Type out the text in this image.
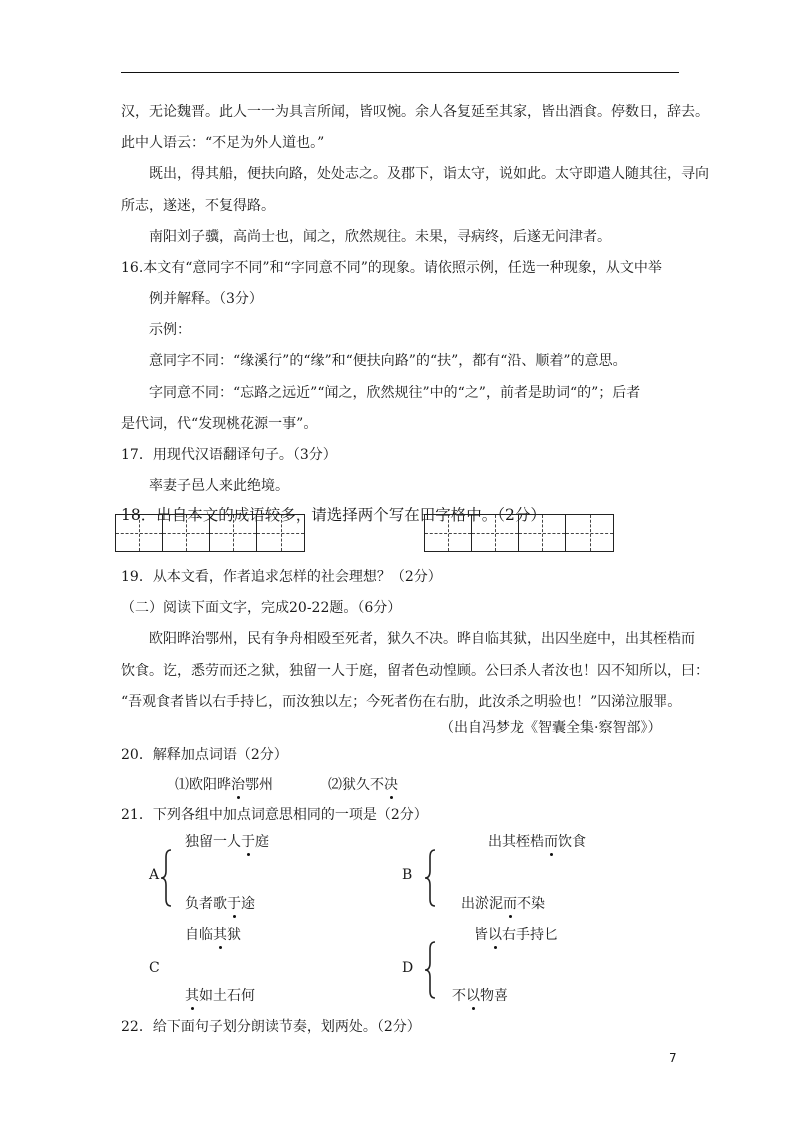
汉，无论魏晋。此人一一为具言所闻，皆叹惋。余人各复延至其家，皆出酒食。停数日，辞去。
此中人语云：“不足为外人道也。”
既出，得其船，便扶向路，处处志之。及郡下，诣太守，说如此。太守即遣人随其往，寻向
所志，遂迷，不复得路。
南阳刘子骥，高尚士也，闻之，欣然规往。未果，寻病终，后遂无问津者。
16.本文有“意同字不同”和“字同意不同”的现象。请依照示例，任选一种现象，从文中举
例并解释。（3分）
示例：
意同字不同：“缘溪行”的“缘”和“便扶向路”的“扶”，都有“沿、顺着”的意思。
字同意不同：“忘路之远近”“闻之，欣然规往”中的“之”，前者是助词“的”；后者
是代词，代“发现桃花源一事”。
17．用现代汉语翻译句子。（3分）
率妻子邑人来此绝境。
18．出自本文的成语较多，请选择两个写在田字格中。（2分）
19．从本文看，作者追求怎样的社会理想？（2分）
（二）阅读下面文字，完成20-22题。（6分）
欧阳晔治鄂州，民有争舟相殴至死者，狱久不决。晔自临其狱，出囚坐庭中，出其桎梏而
饮食。讫，悉劳而还之狱，独留一人于庭，留者色动惶顾。公曰杀人者汝也！囚不知所以，曰：
“吾观食者皆以右手持匕，而汝独以左；今死者伤在右肋，此汝杀之明验也！”囚涕泣服罪。
（出自冯梦龙《智囊全集·察智部》）
20．解释加点词语（2分）
⑴欧阳晔治鄂州	⑵狱久不决
21．下列各组中加点词意思相同的一项是（2分）
独留一人于庭
A
负者歌于途
出其桎梏而饮食
B
出淤泥而不染
自临其狱
C
其如土石何
皆以右手持匕
D
不以物喜
22．给下面句子划分朗读节奏，划两处。（2分）
7
